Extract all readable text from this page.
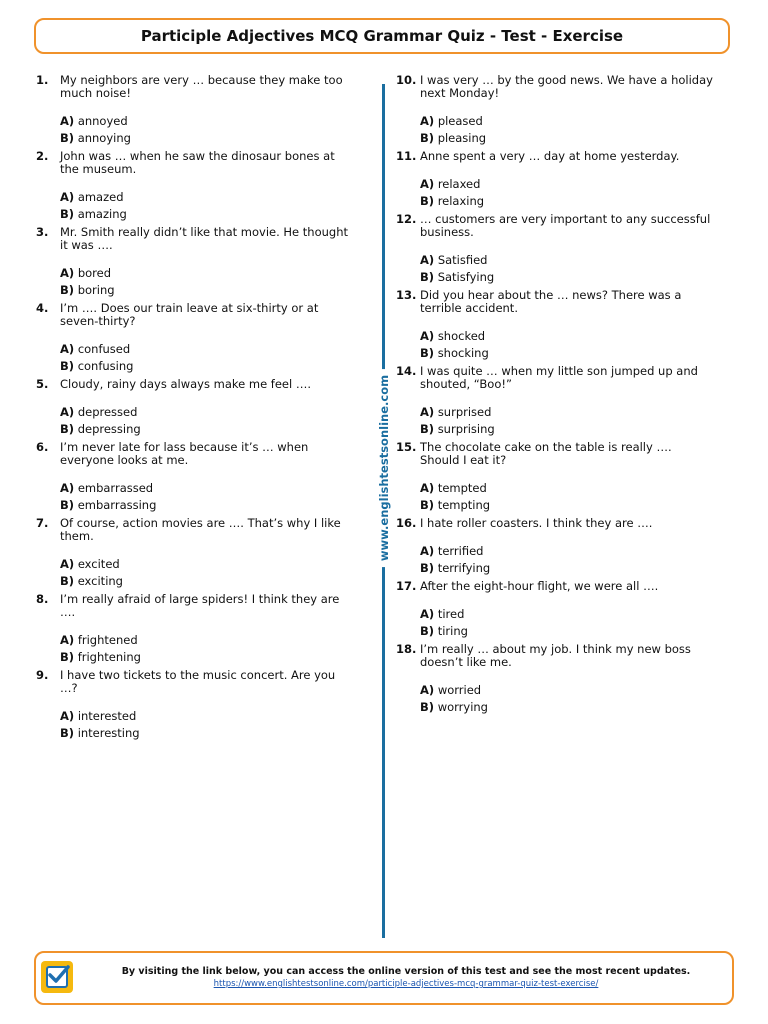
Participle Adjectives MCQ Grammar Quiz - Test - Exercise
1.	My neighbors are very … because they make too much noise!
A) annoyed
B) annoying
2.	John was … when he saw the dinosaur bones at the museum.
A) amazed
B) amazing
3.	Mr. Smith really didn’t like that movie. He thought it was ….
A) bored
B) boring
4.	I’m …. Does our train leave at six-thirty or at seven-thirty?
A) confused
B) confusing
5.	Cloudy, rainy days always make me feel ….
A) depressed
B) depressing
6.	I’m never late for lass because it’s … when everyone looks at me.
A) embarrassed
B) embarrassing
7.	Of course, action movies are …. That’s why I like them.
A) excited
B) exciting
8.	I’m really afraid of large spiders! I think they are ….
A) frightened
B) frightening
9.	I have two tickets to the music concert. Are you …?
A) interested
B) interesting
www.englishtestsonline.com
10. I was very … by the good news. We have a holiday next Monday!
A) pleased
B) pleasing
11. Anne spent a very … day at home yesterday.
A) relaxed
B) relaxing
12. … customers are very important to any successful business.
A) Satisfied
B) Satisfying
13. Did you hear about the … news? There was a terrible accident.
A) shocked
B) shocking
14. I was quite … when my little son jumped up and shouted, “Boo!”
A) surprised
B) surprising
15. The chocolate cake on the table is really …. Should I eat it?
A) tempted
B) tempting
16. I hate roller coasters. I think they are ….
A) terrified
B) terrifying
17. After the eight-hour flight, we were all ….
A) tired
B) tiring
18. I’m really … about my job. I think my new boss doesn’t like me.
A) worried
B) worrying
By visiting the link below, you can access the online version of this test and see the most recent updates.
https://www.englishtestsonline.com/participle-adjectives-mcq-grammar-quiz-test-exercise/
